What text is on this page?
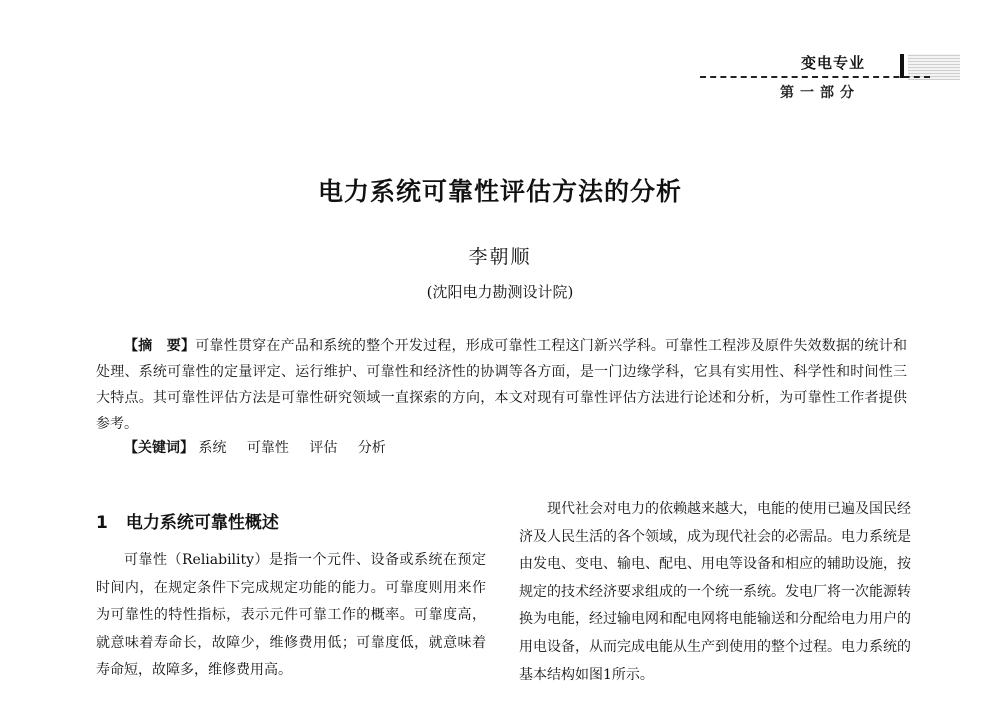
变电专业
第一部分
电力系统可靠性评估方法的分析
李朝顺
(沈阳电力勘测设计院)
【摘　要】可靠性贯穿在产品和系统的整个开发过程，形成可靠性工程这门新兴学科。可靠性工程涉及原件失效数据的统计和处理、系统可靠性的定量评定、运行维护、可靠性和经济性的协调等各方面，是一门边缘学科，它具有实用性、科学性和时间性三大特点。其可靠性评估方法是可靠性研究领域一直探索的方向，本文对现有可靠性评估方法进行论述和分析，为可靠性工作者提供参考。
【关键词】 系统 可靠性 评估 分析
1 电力系统可靠性概述

可靠性（Reliability）是指一个元件、设备或系统在预定时间内，在规定条件下完成规定功能的能力。可靠度则用来作为可靠性的特性指标，表示元件可靠工作的概率。可靠度高，就意味着寿命长，故障少，维修费用低；可靠度低，就意味着寿命短，故障多，维修费用高。

现代社会对电力的依赖越来越大，电能的使用已遍及国民经济及人民生活的各个领域，成为现代社会的必需品。电力系统是由发电、变电、输电、配电、用电等设备和相应的辅助设施，按规定的技术经济要求组成的一个统一系统。发电厂将一次能源转换为电能，经过输电网和配电网将电能输送和分配给电力用户的用电设备，从而完成电能从生产到使用的整个过程。电力系统的基本结构如图1所示。
